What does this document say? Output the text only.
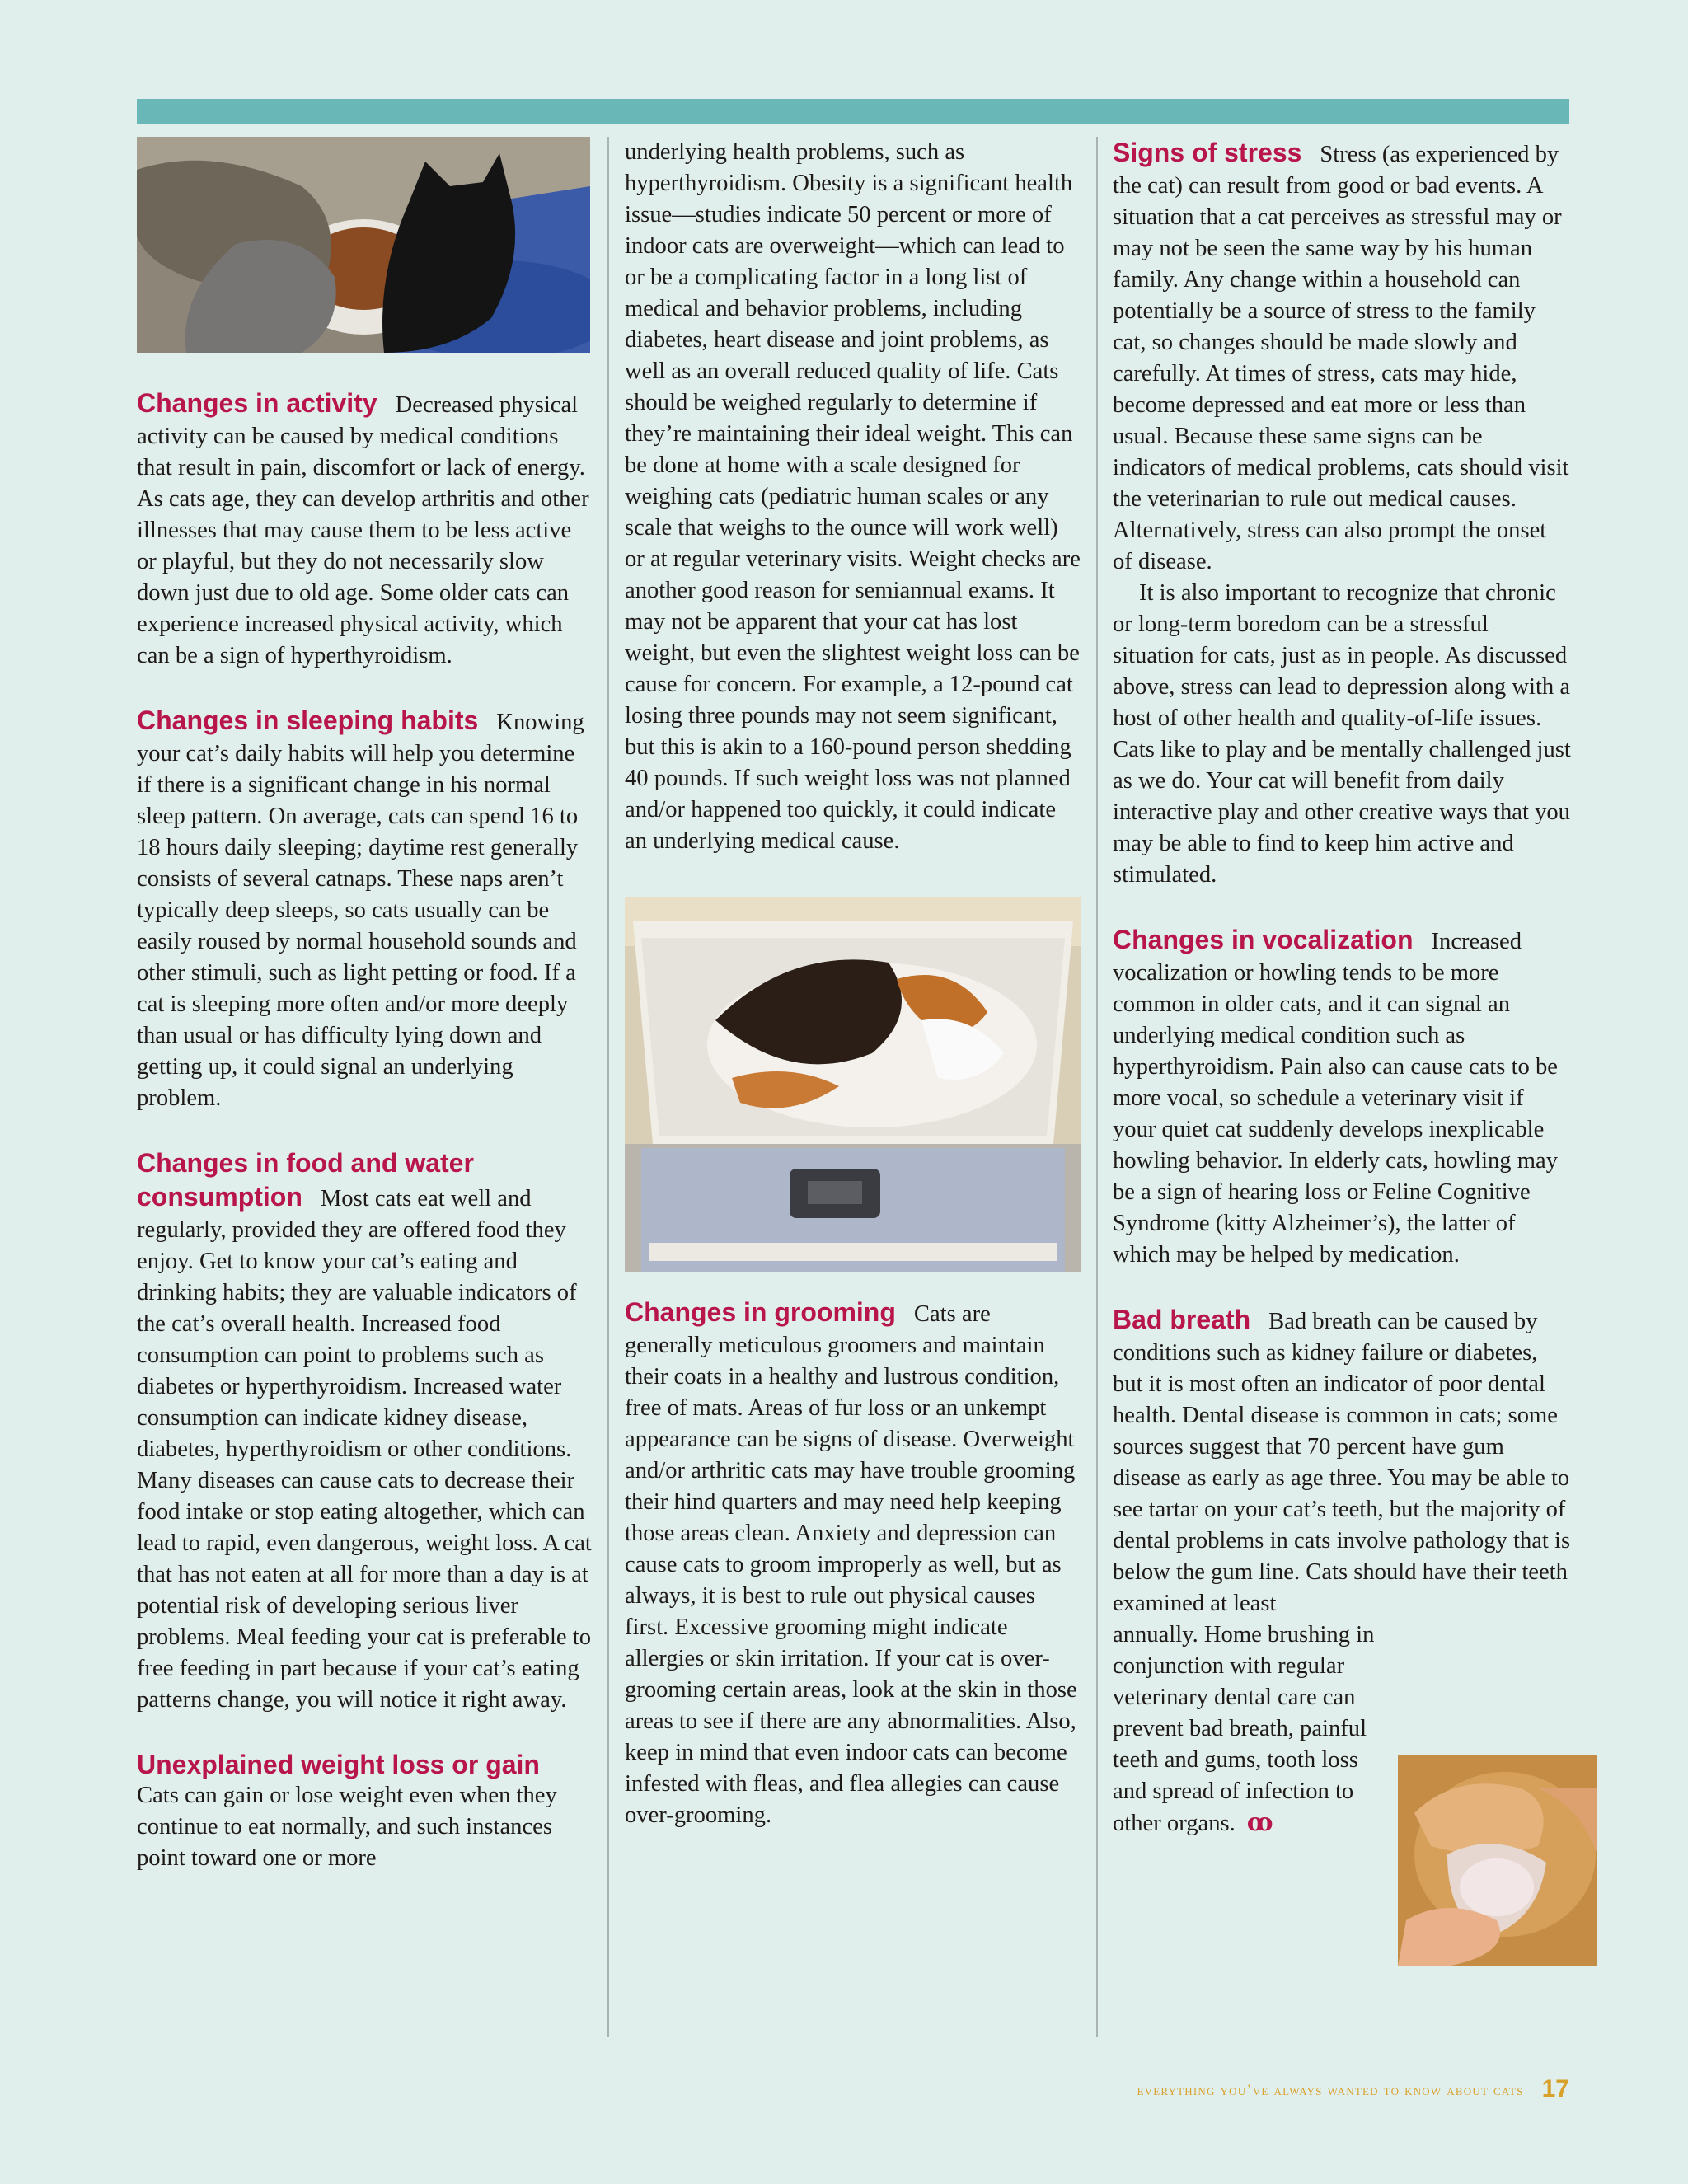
Changes in activity Decreased physical activity can be caused by medical conditions that result in pain, discomfort or lack of energy. As cats age, they can develop arthritis and other illnesses that may cause them to be less active or playful, but they do not necessarily slow down just due to old age. Some older cats can experience increased physical activity, which can be a sign of hyperthyroidism.

Changes in sleeping habits Knowing your cat’s daily habits will help you determine if there is a significant change in his normal sleep pattern. On average, cats can spend 16 to 18 hours daily sleeping; daytime rest generally consists of several catnaps. These naps aren’t typically deep sleeps, so cats usually can be easily roused by normal household sounds and other stimuli, such as light petting or food. If a cat is sleeping more often and/or more deeply than usual or has difficulty lying down and getting up, it could signal an underlying problem.

Changes in food and water consumption Most cats eat well and regularly, provided they are offered food they enjoy. Get to know your cat’s eating and drinking habits; they are valuable indicators of the cat’s overall health. Increased food consumption can point to problems such as diabetes or hyperthyroidism. Increased water consumption can indicate kidney disease, diabetes, hyperthyroidism or other conditions. Many diseases can cause cats to decrease their food intake or stop eating altogether, which can lead to rapid, even dangerous, weight loss. A cat that has not eaten at all for more than a day is at potential risk of developing serious liver problems. Meal feeding your cat is preferable to free feeding in part because if your cat’s eating patterns change, you will notice it right away.

Unexplained weight loss or gain
Cats can gain or lose weight even when they continue to eat normally, and such instances point toward one or more

underlying health problems, such as hyperthyroidism. Obesity is a significant health issue—studies indicate 50 percent or more of indoor cats are overweight—which can lead to or be a complicating factor in a long list of medical and behavior problems, including diabetes, heart disease and joint problems, as well as an overall reduced quality of life. Cats should be weighed regularly to determine if they’re maintaining their ideal weight. This can be done at home with a scale designed for weighing cats (pediatric human scales or any scale that weighs to the ounce will work well) or at regular veterinary visits. Weight checks are another good reason for semiannual exams. It may not be apparent that your cat has lost weight, but even the slightest weight loss can be cause for concern. For example, a 12-pound cat losing three pounds may not seem significant, but this is akin to a 160-pound person shedding 40 pounds. If such weight loss was not planned and/or happened too quickly, it could indicate an underlying medical cause.

Changes in grooming Cats are generally meticulous groomers and maintain their coats in a healthy and lustrous condition, free of mats. Areas of fur loss or an unkempt appearance can be signs of disease. Overweight and/or arthritic cats may have trouble grooming their hind quarters and may need help keeping those areas clean. Anxiety and depression can cause cats to groom improperly as well, but as always, it is best to rule out physical causes first. Excessive grooming might indicate allergies or skin irritation. If your cat is over-grooming certain areas, look at the skin in those areas to see if there are any abnormalities. Also, keep in mind that even indoor cats can become infested with fleas, and flea allegies can cause over-grooming.

Signs of stress Stress (as experienced by the cat) can result from good or bad events. A situation that a cat perceives as stressful may or may not be seen the same way by his human family. Any change within a household can potentially be a source of stress to the family cat, so changes should be made slowly and carefully. At times of stress, cats may hide, become depressed and eat more or less than usual. Because these same signs can be indicators of medical problems, cats should visit the veterinarian to rule out medical causes. Alternatively, stress can also prompt the onset of disease.

It is also important to recognize that chronic or long-term boredom can be a stressful situation for cats, just as in people. As discussed above, stress can lead to depression along with a host of other health and quality-of-life issues. Cats like to play and be mentally challenged just as we do. Your cat will benefit from daily interactive play and other creative ways that you may be able to find to keep him active and stimulated.

Changes in vocalization Increased vocalization or howling tends to be more common in older cats, and it can signal an underlying medical condition such as hyperthyroidism. Pain also can cause cats to be more vocal, so schedule a veterinary visit if your quiet cat suddenly develops inexplicable howling behavior. In elderly cats, howling may be a sign of hearing loss or Feline Cognitive Syndrome (kitty Alzheimer’s), the latter of which may be helped by medication.

Bad breath Bad breath can be caused by conditions such as kidney failure or diabetes, but it is most often an indicator of poor dental health. Dental disease is common in cats; some sources suggest that 70 percent have gum disease as early as age three. You may be able to see tartar on your cat’s teeth, but the majority of dental problems in cats involve pathology that is below the gum line. Cats should have their teeth examined at least

annually. Home brushing in conjunction with regular veterinary dental care can prevent bad breath, painful teeth and gums, tooth loss and spread of infection to other organs. ꝏ

everything you’ve always wanted to know about cats 17
